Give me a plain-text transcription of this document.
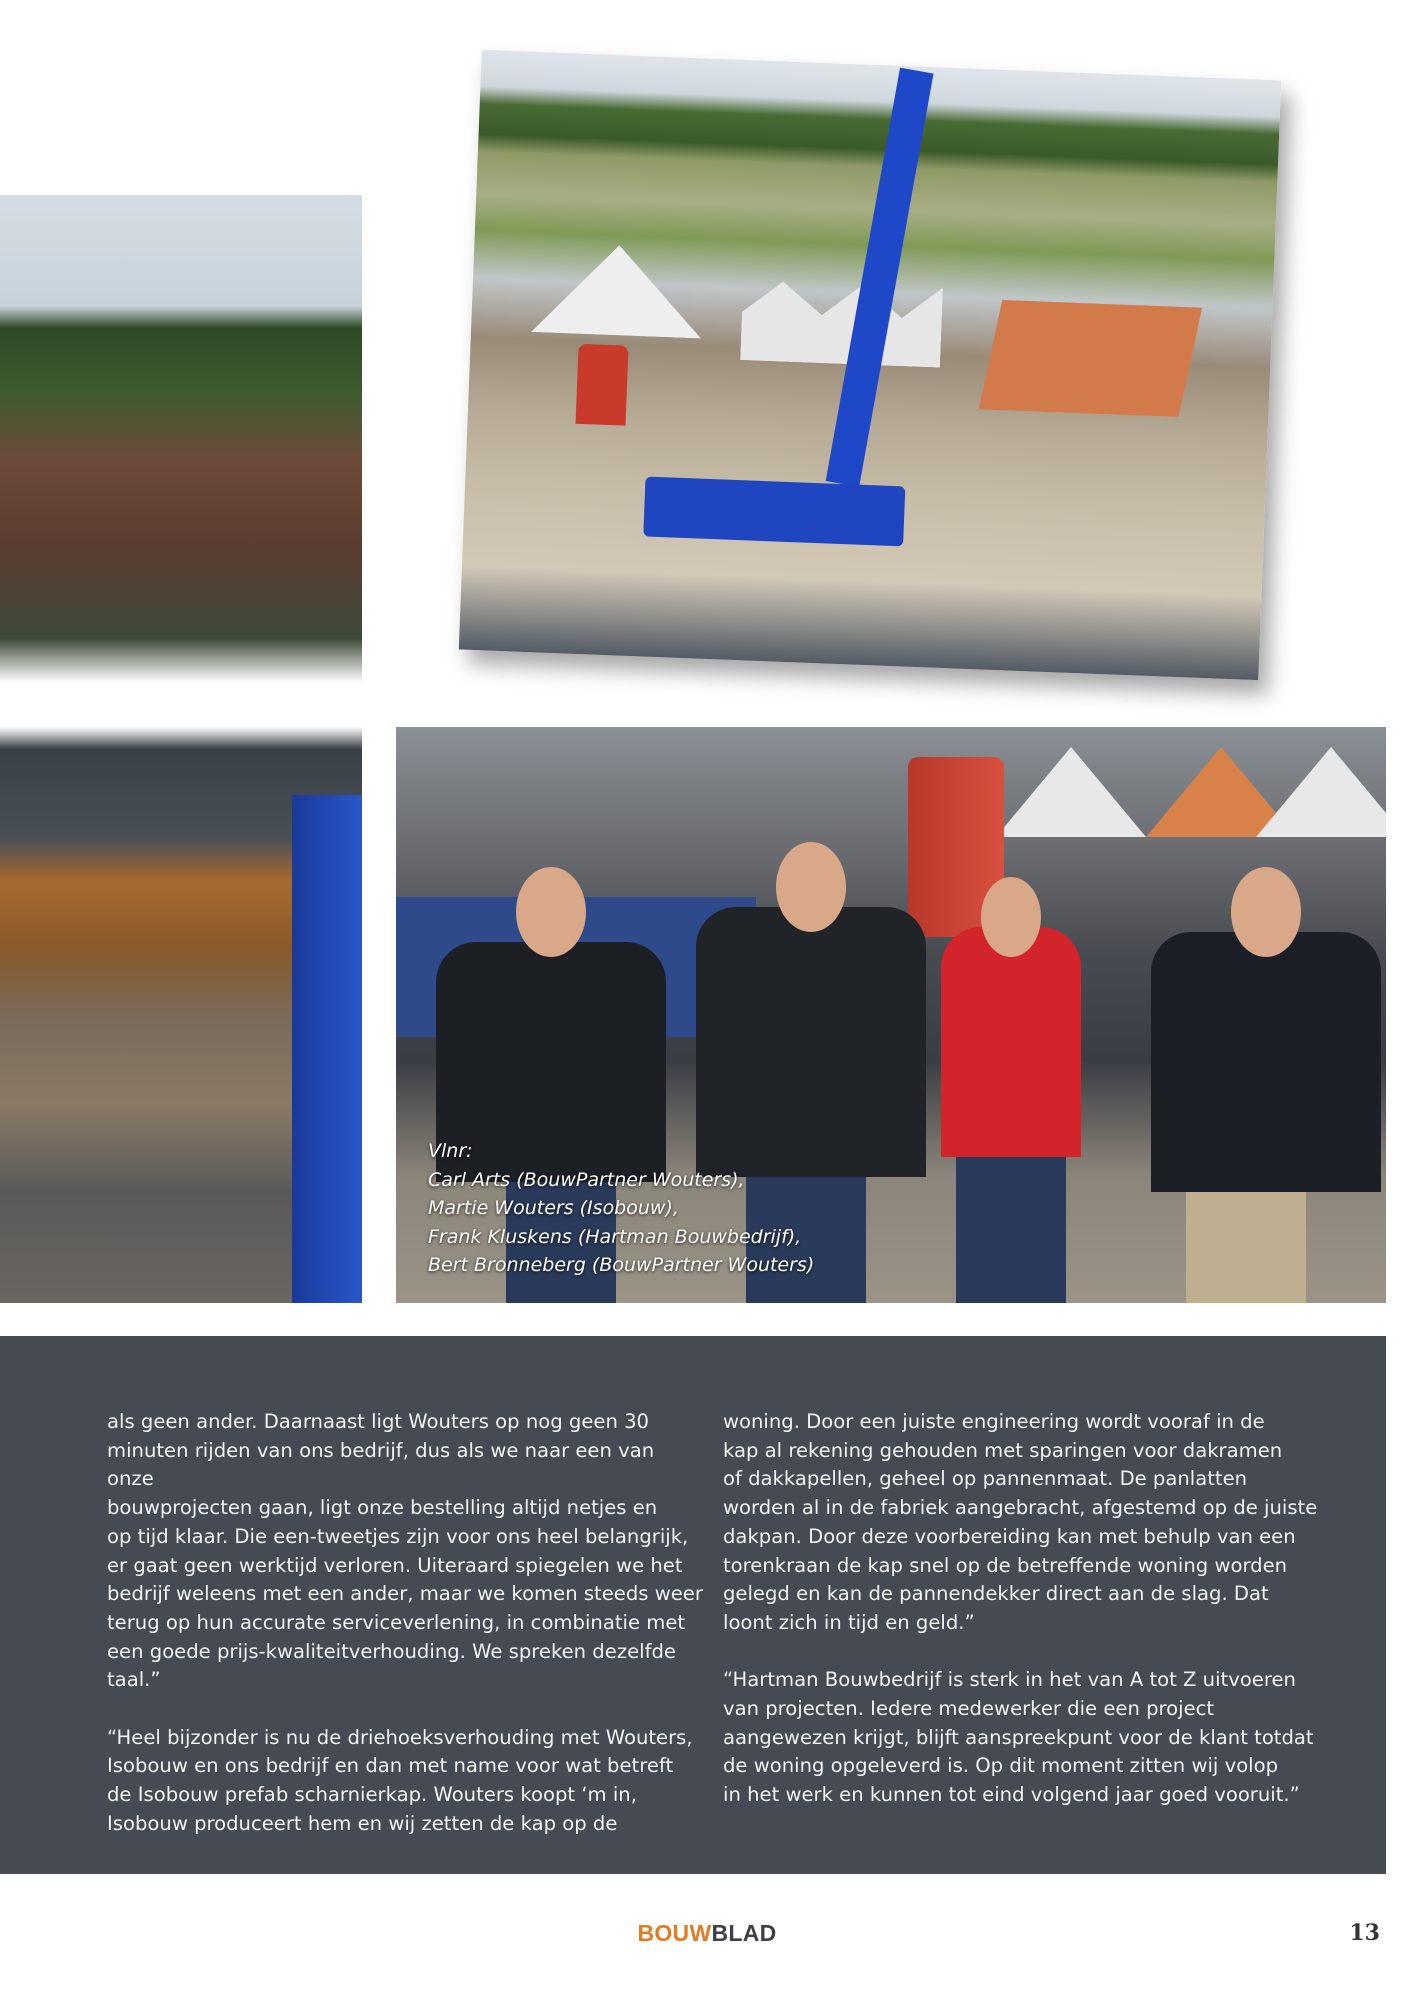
Vlnr:
Carl Arts (BouwPartner Wouters),
Martie Wouters (Isobouw),
Frank Kluskens (Hartman Bouwbedrijf),
Bert Bronneberg (BouwPartner Wouters)

als geen ander. Daarnaast ligt Wouters op nog geen 30
minuten rijden van ons bedrijf, dus als we naar een van onze
bouwprojecten gaan, ligt onze bestelling altijd netjes en
op tijd klaar. Die een-tweetjes zijn voor ons heel belangrijk,
er gaat geen werktijd verloren. Uiteraard spiegelen we het
bedrijf weleens met een ander, maar we komen steeds weer
terug op hun accurate serviceverlening, in combinatie met
een goede prijs-kwaliteitverhouding. We spreken dezelfde
taal.”

“Heel bijzonder is nu de driehoeksverhouding met Wouters,
Isobouw en ons bedrijf en dan met name voor wat betreft
de Isobouw prefab scharnierkap. Wouters koopt ‘m in,
Isobouw produceert hem en wij zetten de kap op de

woning. Door een juiste engineering wordt vooraf in de
kap al rekening gehouden met sparingen voor dakramen
of dakkapellen, geheel op pannenmaat. De panlatten
worden al in de fabriek aangebracht, afgestemd op de juiste
dakpan. Door deze voorbereiding kan met behulp van een
torenkraan de kap snel op de betreffende woning worden
gelegd en kan de pannendekker direct aan de slag. Dat
loont zich in tijd en geld.”

“Hartman Bouwbedrijf is sterk in het van A tot Z uitvoeren
van projecten. Iedere medewerker die een project
aangewezen krijgt, blijft aanspreekpunt voor de klant totdat
de woning opgeleverd is. Op dit moment zitten wij volop
in het werk en kunnen tot eind volgend jaar goed vooruit.”

BOUWBLAD	13
